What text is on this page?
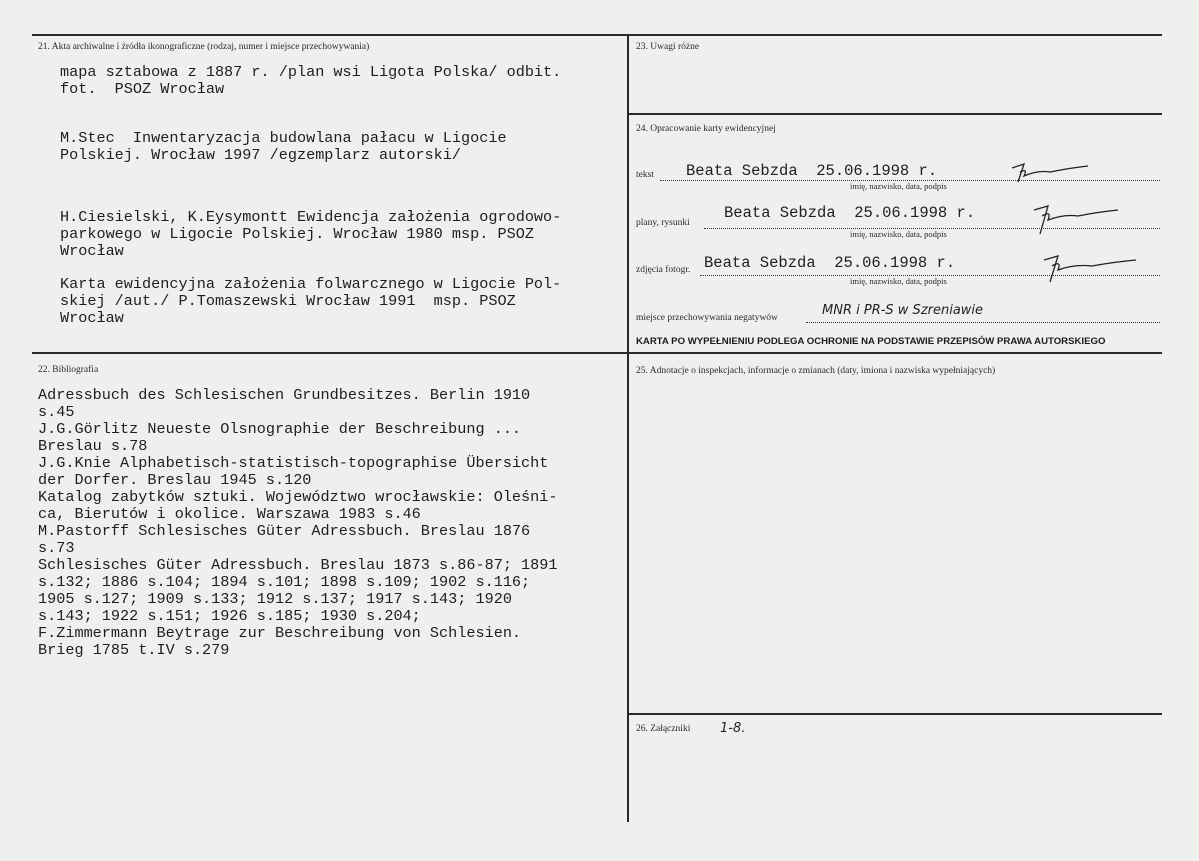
21. Akta archiwalne i źródła ikonograficzne (rodzaj, numer i miejsce przechowywania)
mapa sztabowa z 1887 r. /plan wsi Ligota Polska/ odbit.
fot.  PSOZ Wrocław
M.Stec  Inwentaryzacja budowlana pałacu w Ligocie
Polskiej. Wrocław 1997 /egzemplarz autorski/
H.Ciesielski, K.Eysymontt Ewidencja założenia ogrodowo-
parkowego w Ligocie Polskiej. Wrocław 1980 msp. PSOZ
Wrocław
Karta ewidencyjna założenia folwarcznego w Ligocie Pol-
skiej /aut./ P.Tomaszewski Wrocław 1991  msp. PSOZ
Wrocław
22. Bibliografia
Adressbuch des Schlesischen Grundbesitzes. Berlin 1910
s.45
J.G.Görlitz Neueste Olsnographie der Beschreibung ...
Breslau s.78
J.G.Knie Alphabetisch-statistisch-topographise Übersicht
der Dorfer. Breslau 1945 s.120
Katalog zabytków sztuki. Województwo wrocławskie: Oleśni-
ca, Bierutów i okolice. Warszawa 1983 s.46
M.Pastorff Schlesisches Güter Adressbuch. Breslau 1876
s.73
Schlesisches Güter Adressbuch. Breslau 1873 s.86-87; 1891
s.132; 1886 s.104; 1894 s.101; 1898 s.109; 1902 s.116;
1905 s.127; 1909 s.133; 1912 s.137; 1917 s.143; 1920
s.143; 1922 s.151; 1926 s.185; 1930 s.204;
F.Zimmermann Beytrage zur Beschreibung von Schlesien.
Brieg 1785 t.IV s.279
23. Uwagi różne
24. Opracowanie karty ewidencyjnej
tekst Beata Sebzda  25.06.1998 r.
imię, nazwisko, data, podpis
plany, rysunki
Beata Sebzda  25.06.1998 r.
imię, nazwisko, data, podpis
zdjęcia fotogr. Beata Sebzda  25.06.1998 r.
imię, nazwisko, data, podpis
miejsce przechowywania negatywów	MNR i PR-S w Szreniawie
KARTA PO WYPEŁNIENIU PODLEGA OCHRONIE NA PODSTAWIE PRZEPISÓW PRAWA AUTORSKIEGO
25. Adnotacje o inspekcjach, informacje o zmianach (daty, imiona i nazwiska wypełniających)
26. Załączniki 1-8.
